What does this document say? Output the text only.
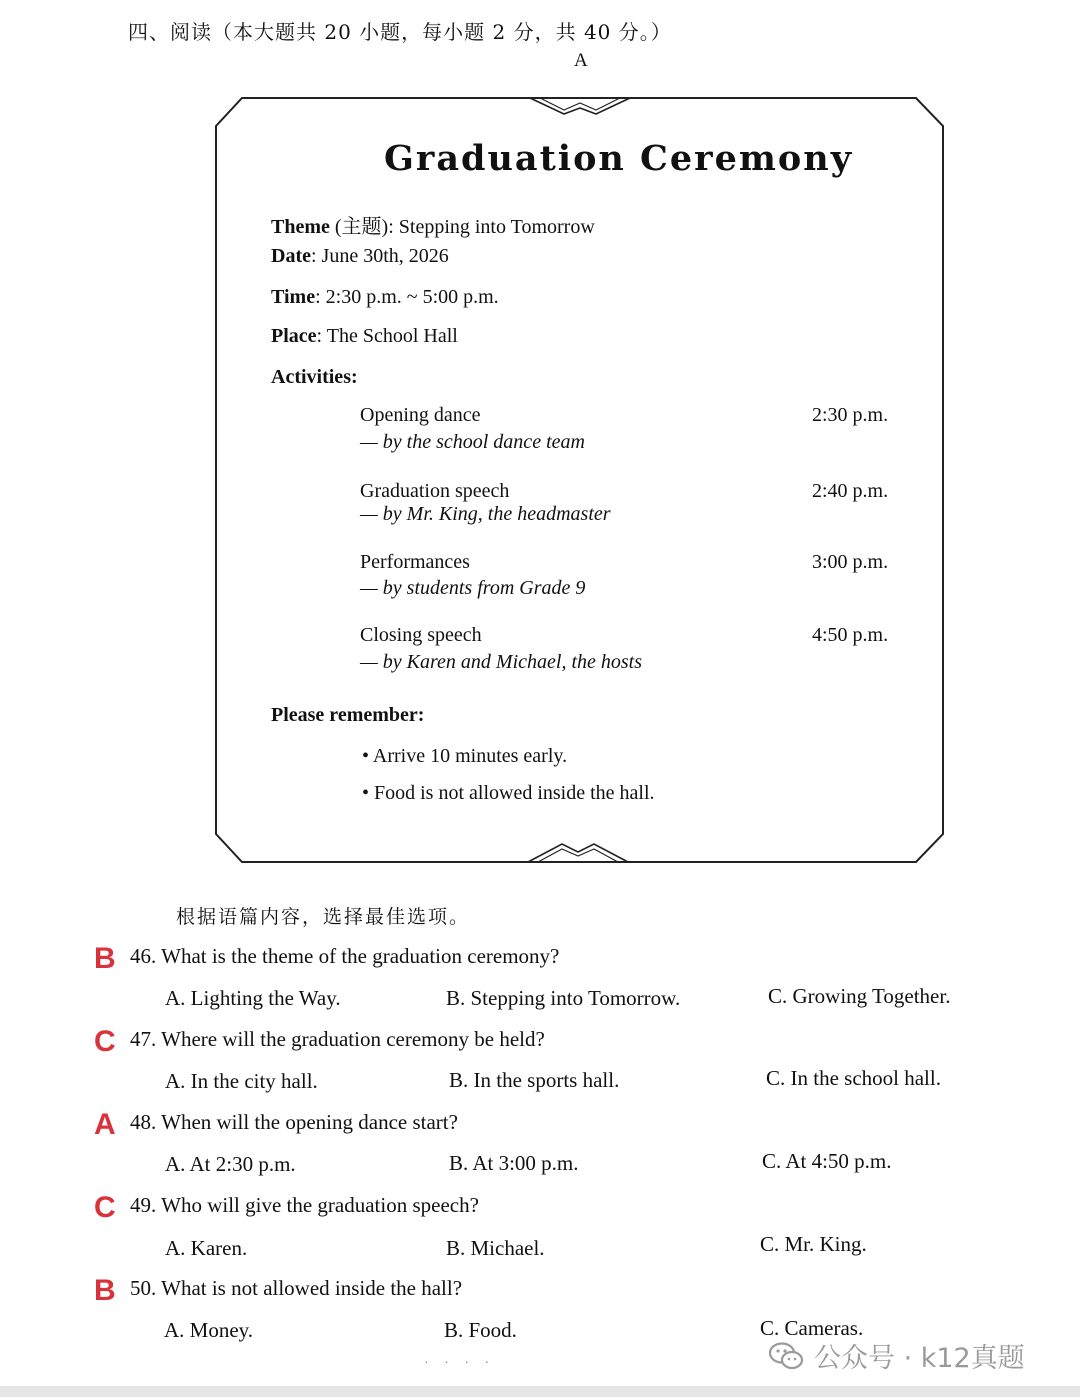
四、阅读（本大题共 20 小题，每小题 2 分，共 40 分。）
A
Graduation Ceremony
Theme (主题): Stepping into Tomorrow
Date: June 30th, 2026
Time: 2:30 p.m. ~ 5:00 p.m.
Place: The School Hall
Activities:
Opening dance
— by the school dance team
2:30 p.m.
Graduation speech
— by Mr. King, the headmaster
2:40 p.m.
Performances
— by students from Grade 9
3:00 p.m.
Closing speech
— by Karen and Michael, the hosts
4:50 p.m.
Please remember:
• Arrive 10 minutes early.
• Food is not allowed inside the hall.
根据语篇内容，选择最佳选项。
B 46. What is the theme of the graduation ceremony?
A. Lighting the Way.	B. Stepping into Tomorrow.	C. Growing Together.
C 47. Where will the graduation ceremony be held?
A. In the city hall.	B. In the sports hall.	C. In the school hall.
A 48. When will the opening dance start?
A. At 2:30 p.m.	B. At 3:00 p.m.	C. At 4:50 p.m.
C 49. Who will give the graduation speech?
A. Karen.	B. Michael.	C. Mr. King.
B 50. What is not allowed inside the hall?
A. Money.	B. Food.	C. Cameras.
· · · ·	公众号 · k12真题
